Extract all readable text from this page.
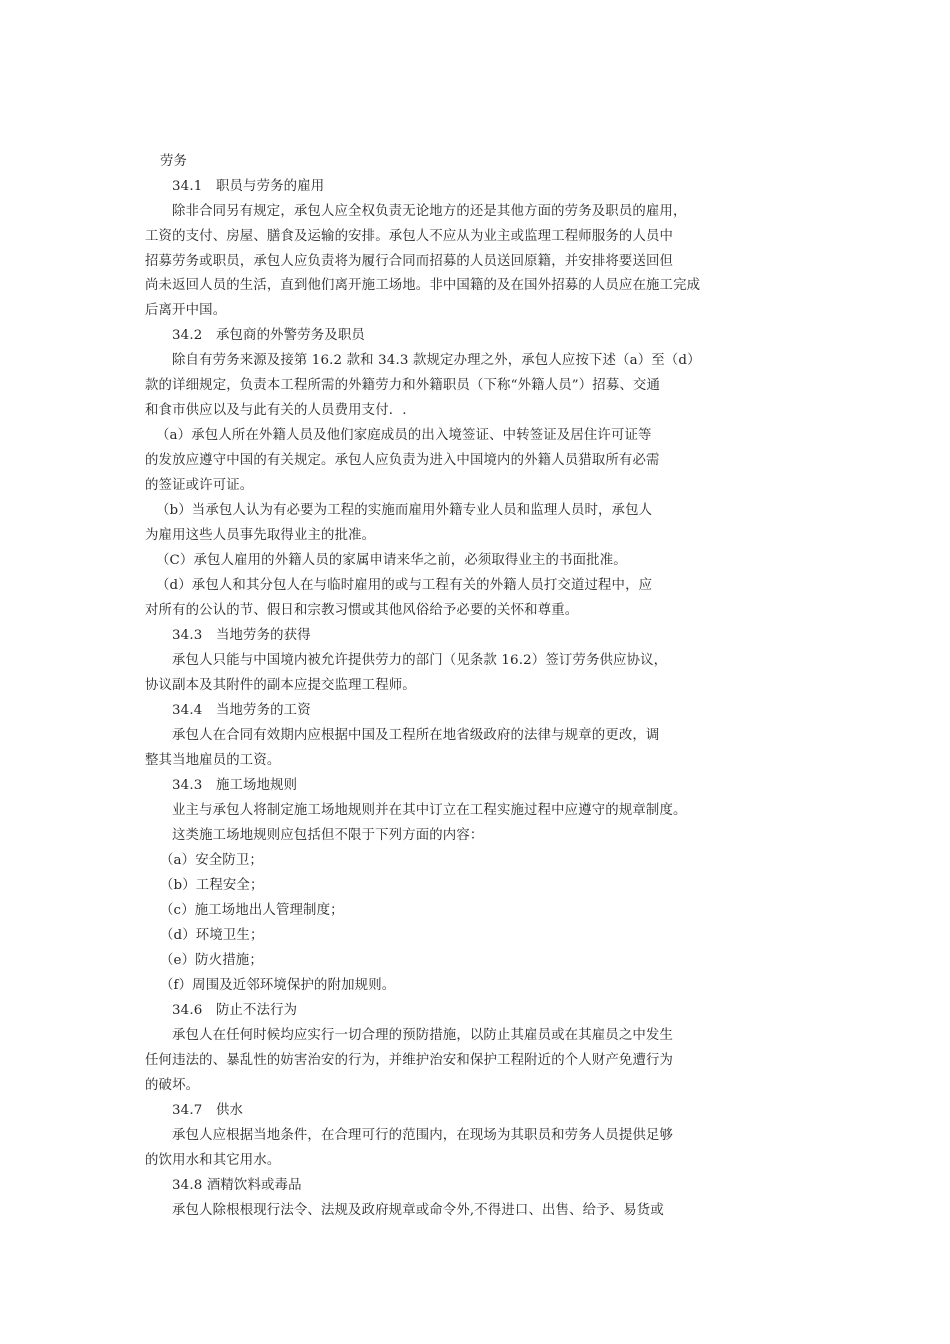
劳务
34.1　职员与劳务的雇用
除非合同另有规定，承包人应全权负责无论地方的还是其他方面的劳务及职员的雇用，
工资的支付、房屋、膳食及运输的安排。承包人不应从为业主或监理工程师服务的人员中
招募劳务或职员，承包人应负责将为履行合同而招募的人员送回原籍，并安排将要送回但
尚未返回人员的生活，直到他们离开施工场地。非中国籍的及在国外招募的人员应在施工完成
后离开中国。
34.2　承包商的外警劳务及职员
除自有劳务来源及接第 16.2 款和 34.3 款规定办理之外，承包人应按下述（a）至（d）
款的详细规定，负责本工程所需的外籍劳力和外籍职员（下称“外籍人员”）招募、交通
和食市供应以及与此有关的人员费用支付．.
（a）承包人所在外籍人员及他们家庭成员的出入境签证、中转签证及居住许可证等
的发放应遵守中国的有关规定。承包人应负责为进入中国境内的外籍人员猎取所有必需
的签证或许可证。
（b）当承包人认为有必要为工程的实施而雇用外籍专业人员和监理人员时，承包人
为雇用这些人员事先取得业主的批准。
（C）承包人雇用的外籍人员的家属申请来华之前，必须取得业主的书面批准。
（d）承包人和其分包人在与临时雇用的或与工程有关的外籍人员打交道过程中，应
对所有的公认的节、假日和宗教习惯或其他风俗给予必要的关怀和尊重。
34.3　当地劳务的获得
承包人只能与中国境内被允许提供劳力的部门（见条款 16.2）签订劳务供应协议，
协议副本及其附件的副本应提交监理工程师。
34.4　当地劳务的工资
承包人在合同有效期内应根据中国及工程所在地省级政府的法律与规章的更改，调
整其当地雇员的工资。
34.3　施工场地规则
业主与承包人将制定施工场地规则并在其中订立在工程实施过程中应遵守的规章制度。
这类施工场地规则应包括但不限于下列方面的内容：
（a）安全防卫；
（b）工程安全；
（c）施工场地出人管理制度；
（d）环境卫生；
（e）防火措施；
（f）周围及近邻环境保护的附加规则。
34.6　防止不法行为
承包人在任何时候均应实行一切合理的预防措施，以防止其雇员或在其雇员之中发生
任何违法的、暴乱性的妨害治安的行为，并维护治安和保护工程附近的个人财产免遭行为
的破坏。
34.7　供水
承包人应根据当地条件，在合理可行的范围内，在现场为其职员和劳务人员提供足够
的饮用水和其它用水。
34.8 酒精饮料或毒品
承包人除根根现行法令、法规及政府规章或命令外,不得进口、出售、给予、易货或
